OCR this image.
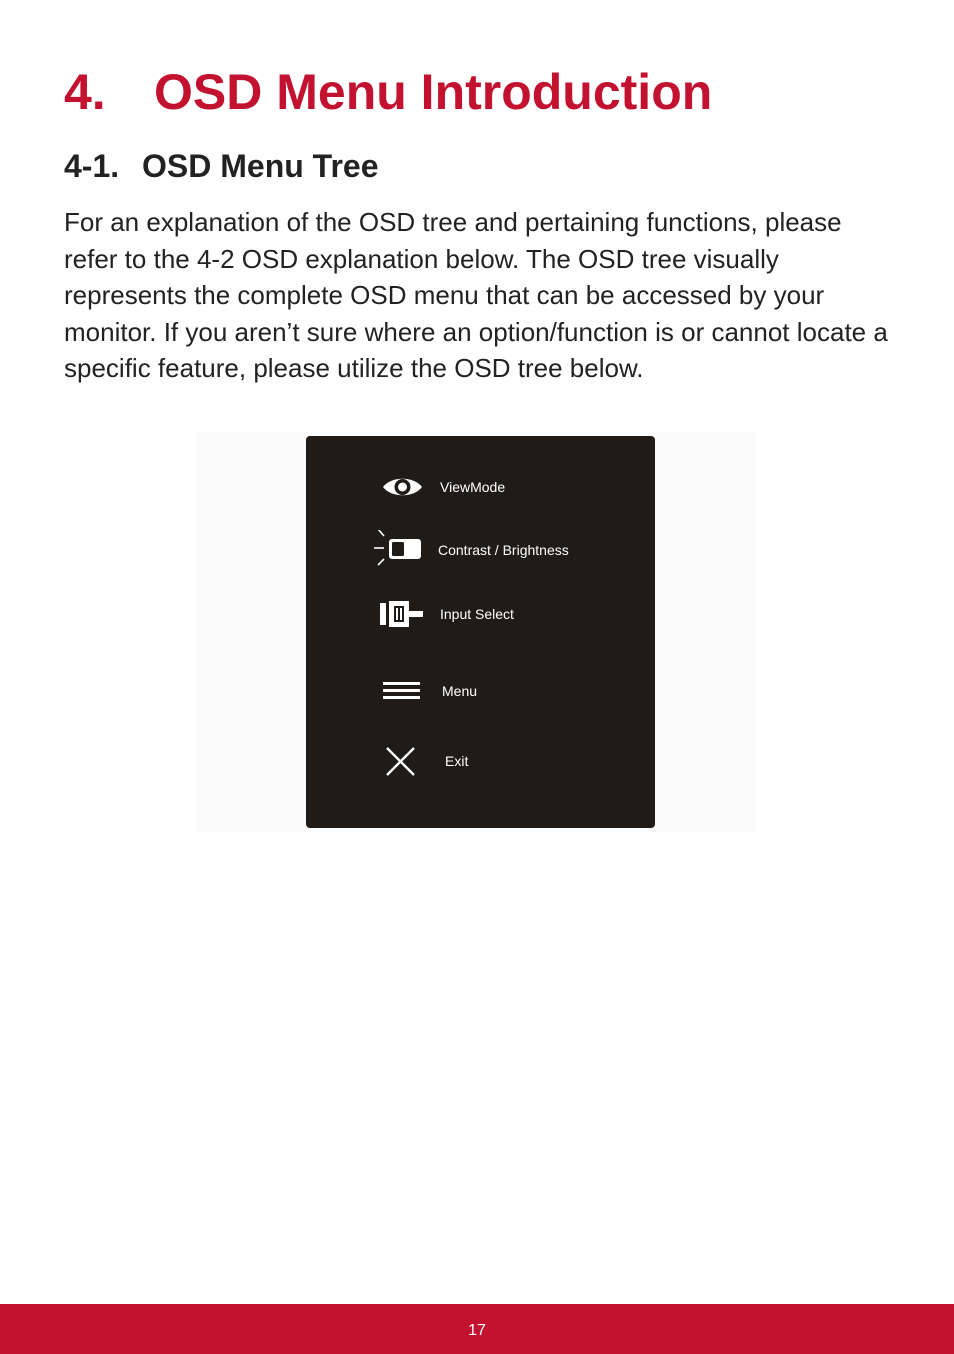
4. OSD Menu Introduction
4-1. OSD Menu Tree

For an explanation of the OSD tree and pertaining functions, please refer to the 4-2 OSD explanation below. The OSD tree visually represents the complete OSD menu that can be accessed by your monitor. If you aren’t sure where an option/function is or cannot locate a specific feature, please utilize the OSD tree below.

ViewMode
Contrast / Brightness
Input Select
Menu
Exit
17
